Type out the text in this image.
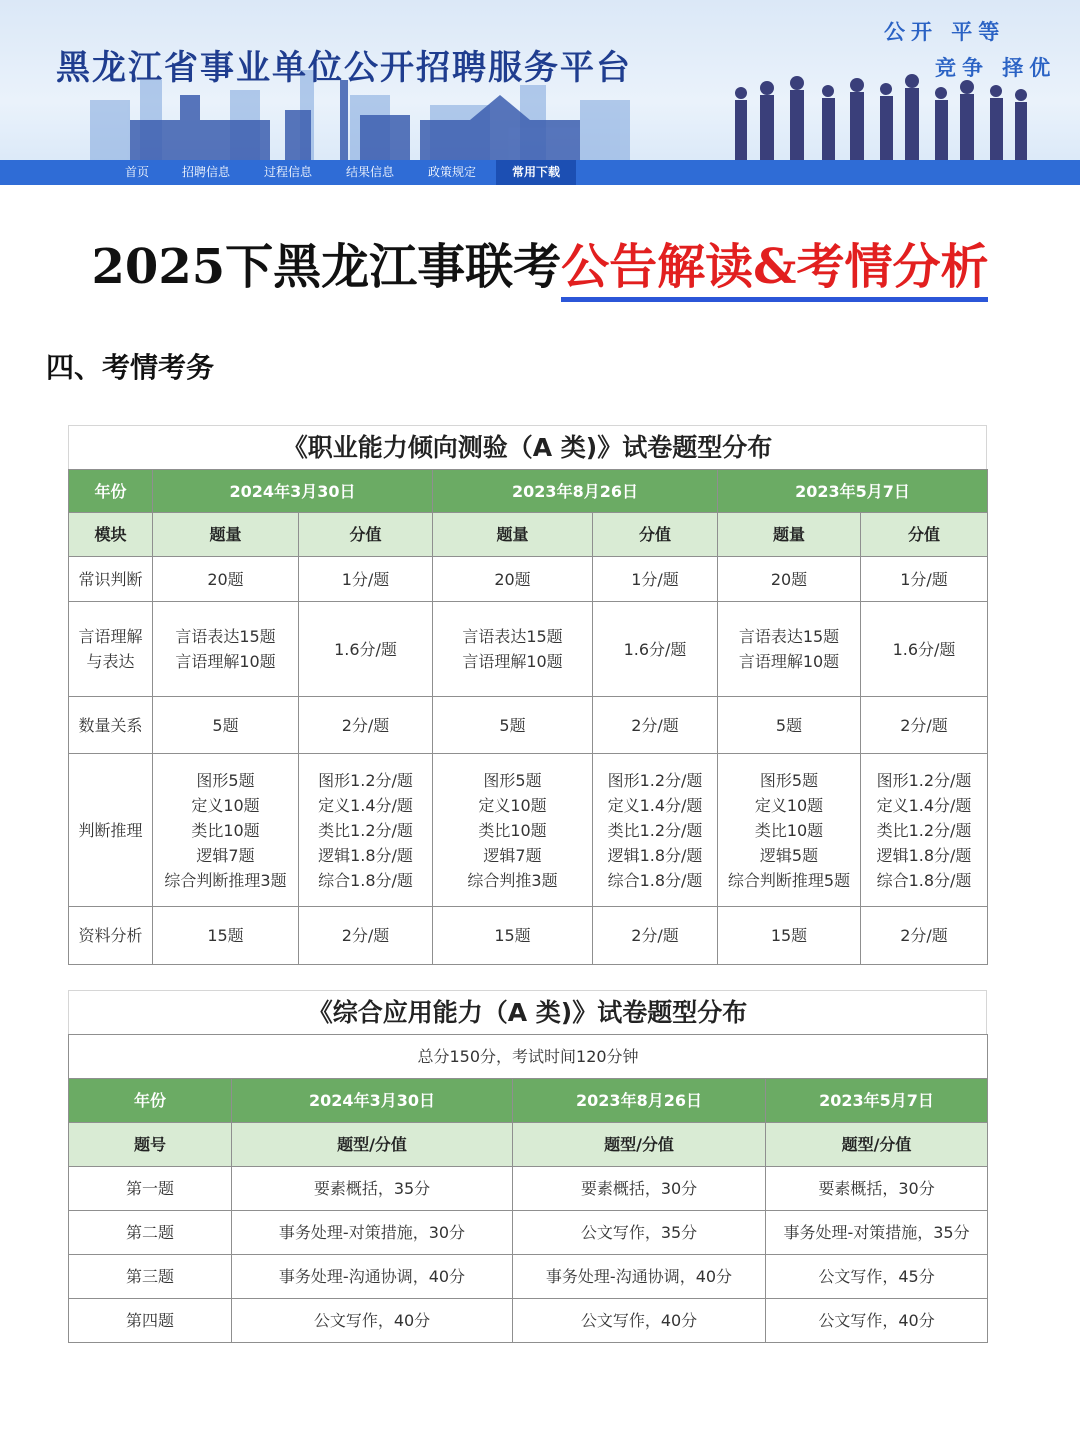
黑龙江省事业单位公开招聘服务平台
公开 平等
竞争 择优
首页	招聘信息	过程信息	结果信息	政策规定	常用下载
2025下黑龙江事联考公告解读&考情分析
四、考情考务
《职业能力倾向测验（A 类)》试卷题型分布
年份	2024年3月30日		2023年8月26日		2023年5月7日	
模块	题量	分值	题量	分值	题量	分值

常识判断	20题	1分/题	20题	1分/题	20题	1分/题

言语理解
与表达	言语表达15题
言语理解10题	1.6分/题	言语表达15题
言语理解10题	1.6分/题	言语表达15题
言语理解10题	1.6分/题

数量关系	5题	2分/题	5题	2分/题	5题	2分/题

判断推理	图形5题
定义10题
类比10题
逻辑7题
综合判断推理3题	图形1.2分/题
定义1.4分/题
类比1.2分/题
逻辑1.8分/题
综合1.8分/题	图形5题
定义10题
类比10题
逻辑7题
综合判推3题	图形1.2分/题
定义1.4分/题
类比1.2分/题
逻辑1.8分/题
综合1.8分/题	图形5题
定义10题
类比10题
逻辑5题
综合判断推理5题	图形1.2分/题
定义1.4分/题
类比1.2分/题
逻辑1.8分/题
综合1.8分/题

资料分析	15题	2分/题	15题	2分/题	15题	2分/题
《综合应用能力（A 类)》试卷题型分布
总分150分，考试时间120分钟			
年份	2024年3月30日	2023年8月26日	2023年5月7日
题号	题型/分值	题型/分值	题型/分值
第一题	要素概括，35分	要素概括，30分	要素概括，30分
第二题	事务处理-对策措施，30分	公文写作，35分	事务处理-对策措施，35分
第三题	事务处理-沟通协调，40分	事务处理-沟通协调，40分	公文写作，45分
第四题	公文写作，40分	公文写作，40分	公文写作，40分
